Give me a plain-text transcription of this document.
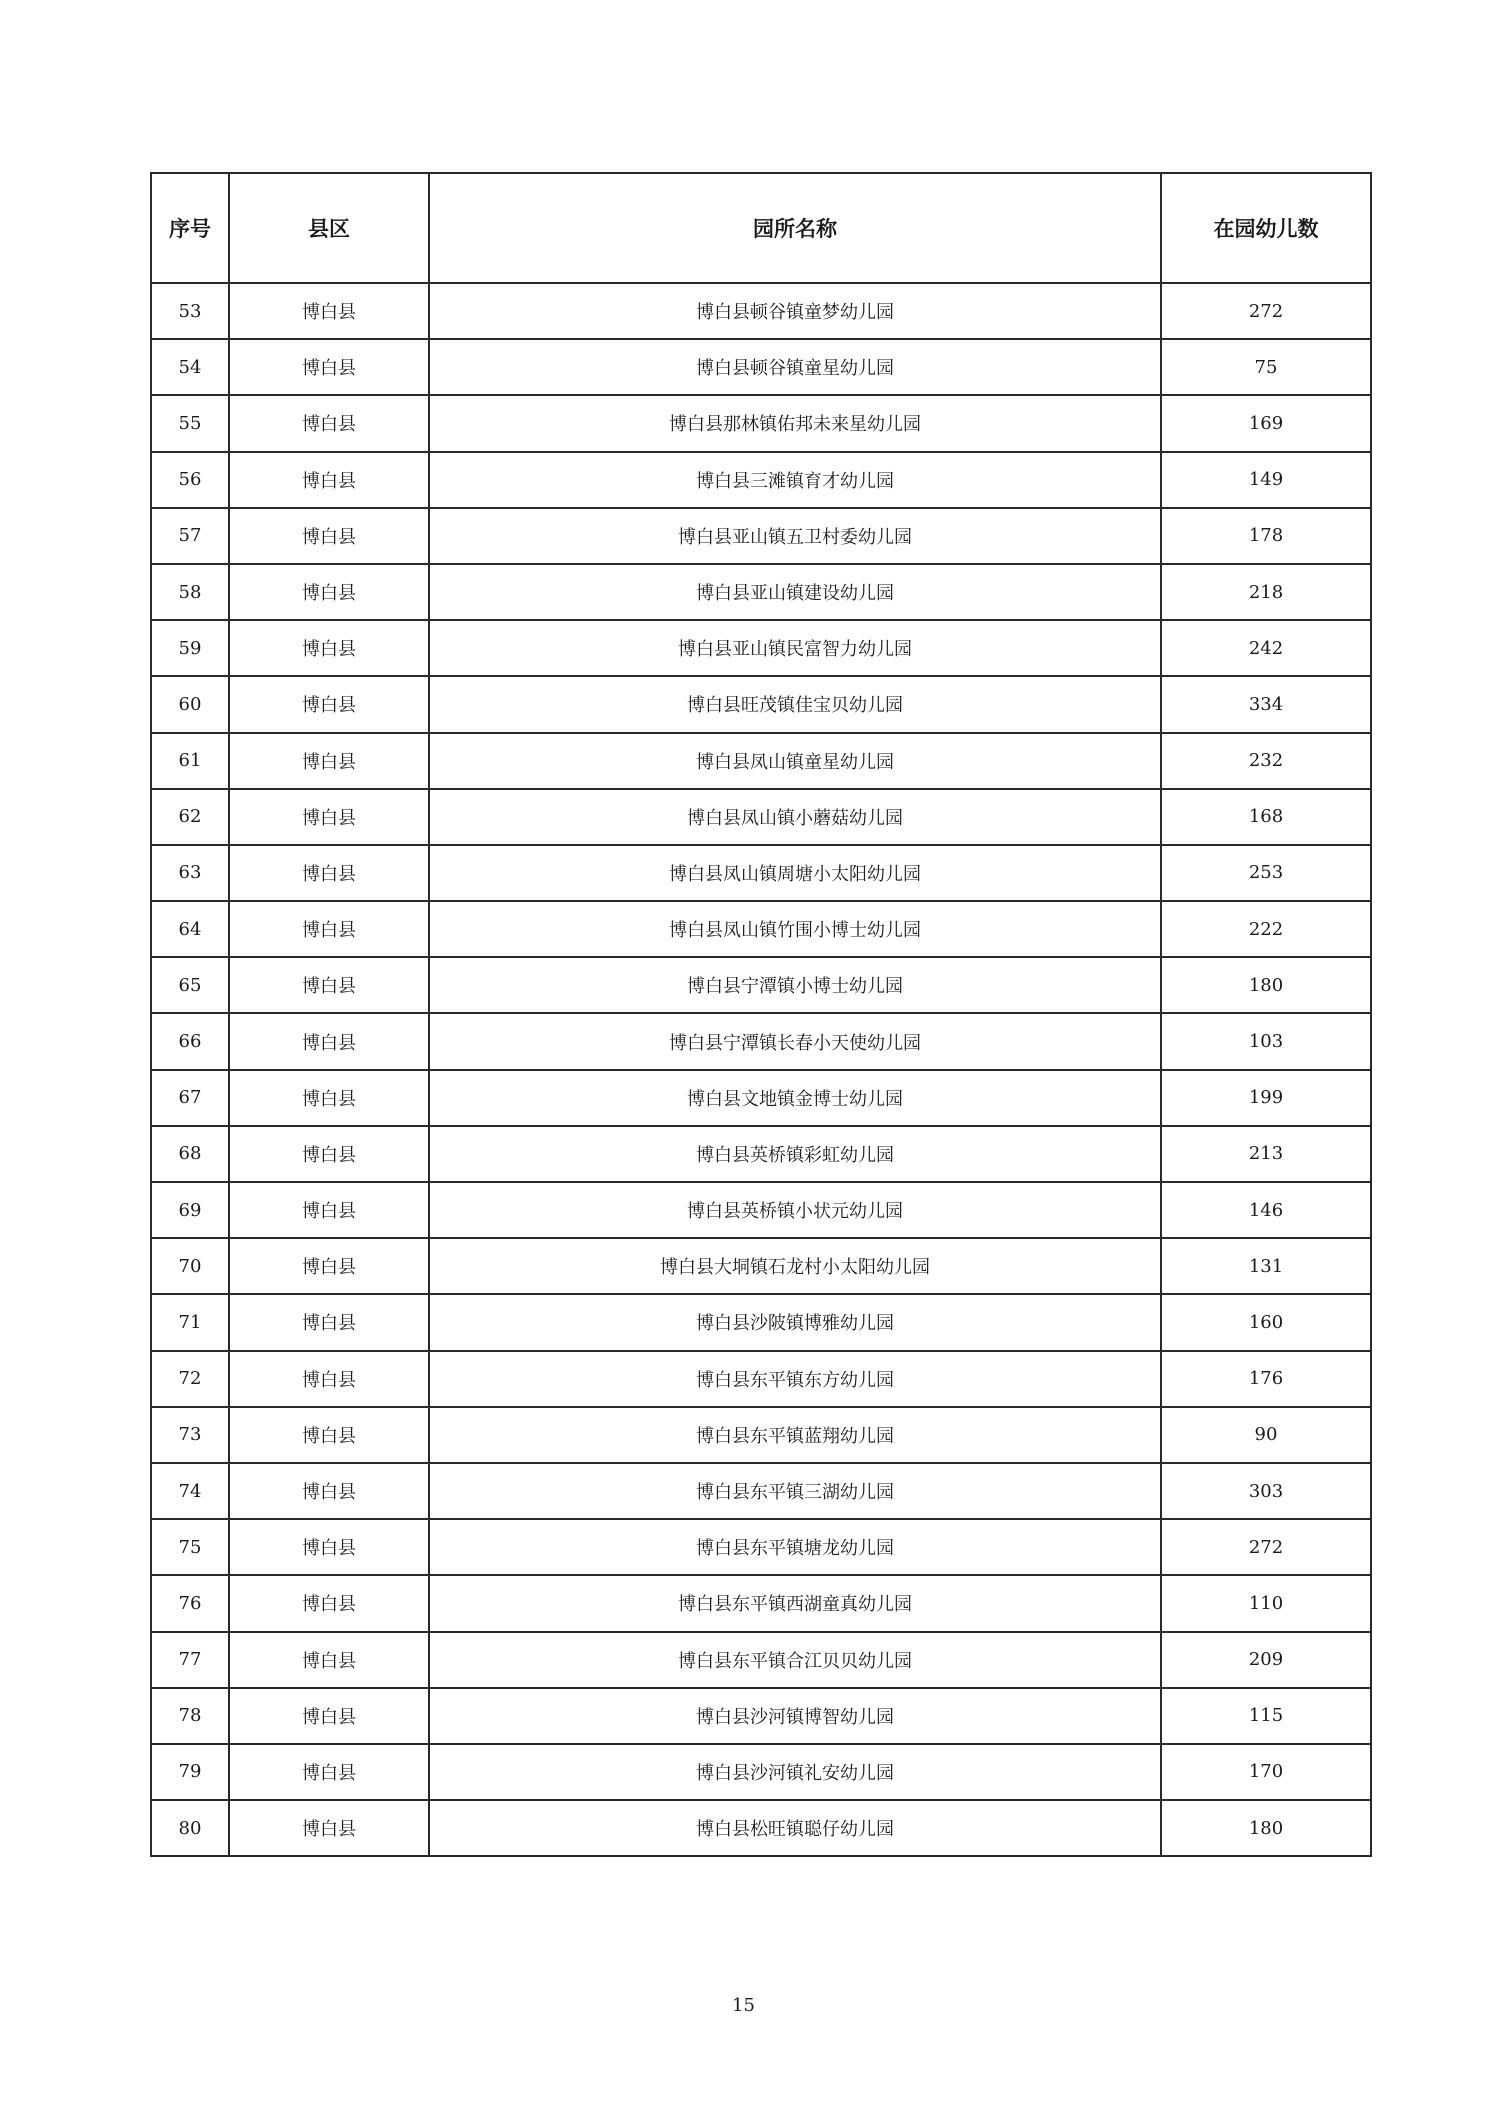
序号	县区	园所名称	在园幼儿数
53	博白县	博白县顿谷镇童梦幼儿园	272
54	博白县	博白县顿谷镇童星幼儿园	75
55	博白县	博白县那林镇佑邦未来星幼儿园	169
56	博白县	博白县三滩镇育才幼儿园	149
57	博白县	博白县亚山镇五卫村委幼儿园	178
58	博白县	博白县亚山镇建设幼儿园	218
59	博白县	博白县亚山镇民富智力幼儿园	242
60	博白县	博白县旺茂镇佳宝贝幼儿园	334
61	博白县	博白县凤山镇童星幼儿园	232
62	博白县	博白县凤山镇小蘑菇幼儿园	168
63	博白县	博白县凤山镇周塘小太阳幼儿园	253
64	博白县	博白县凤山镇竹围小博士幼儿园	222
65	博白县	博白县宁潭镇小博士幼儿园	180
66	博白县	博白县宁潭镇长春小天使幼儿园	103
67	博白县	博白县文地镇金博士幼儿园	199
68	博白县	博白县英桥镇彩虹幼儿园	213
69	博白县	博白县英桥镇小状元幼儿园	146
70	博白县	博白县大垌镇石龙村小太阳幼儿园	131
71	博白县	博白县沙陂镇博雅幼儿园	160
72	博白县	博白县东平镇东方幼儿园	176
73	博白县	博白县东平镇蓝翔幼儿园	90
74	博白县	博白县东平镇三湖幼儿园	303
75	博白县	博白县东平镇塘龙幼儿园	272
76	博白县	博白县东平镇西湖童真幼儿园	110
77	博白县	博白县东平镇合江贝贝幼儿园	209
78	博白县	博白县沙河镇博智幼儿园	115
79	博白县	博白县沙河镇礼安幼儿园	170
80	博白县	博白县松旺镇聪仔幼儿园	180
15
